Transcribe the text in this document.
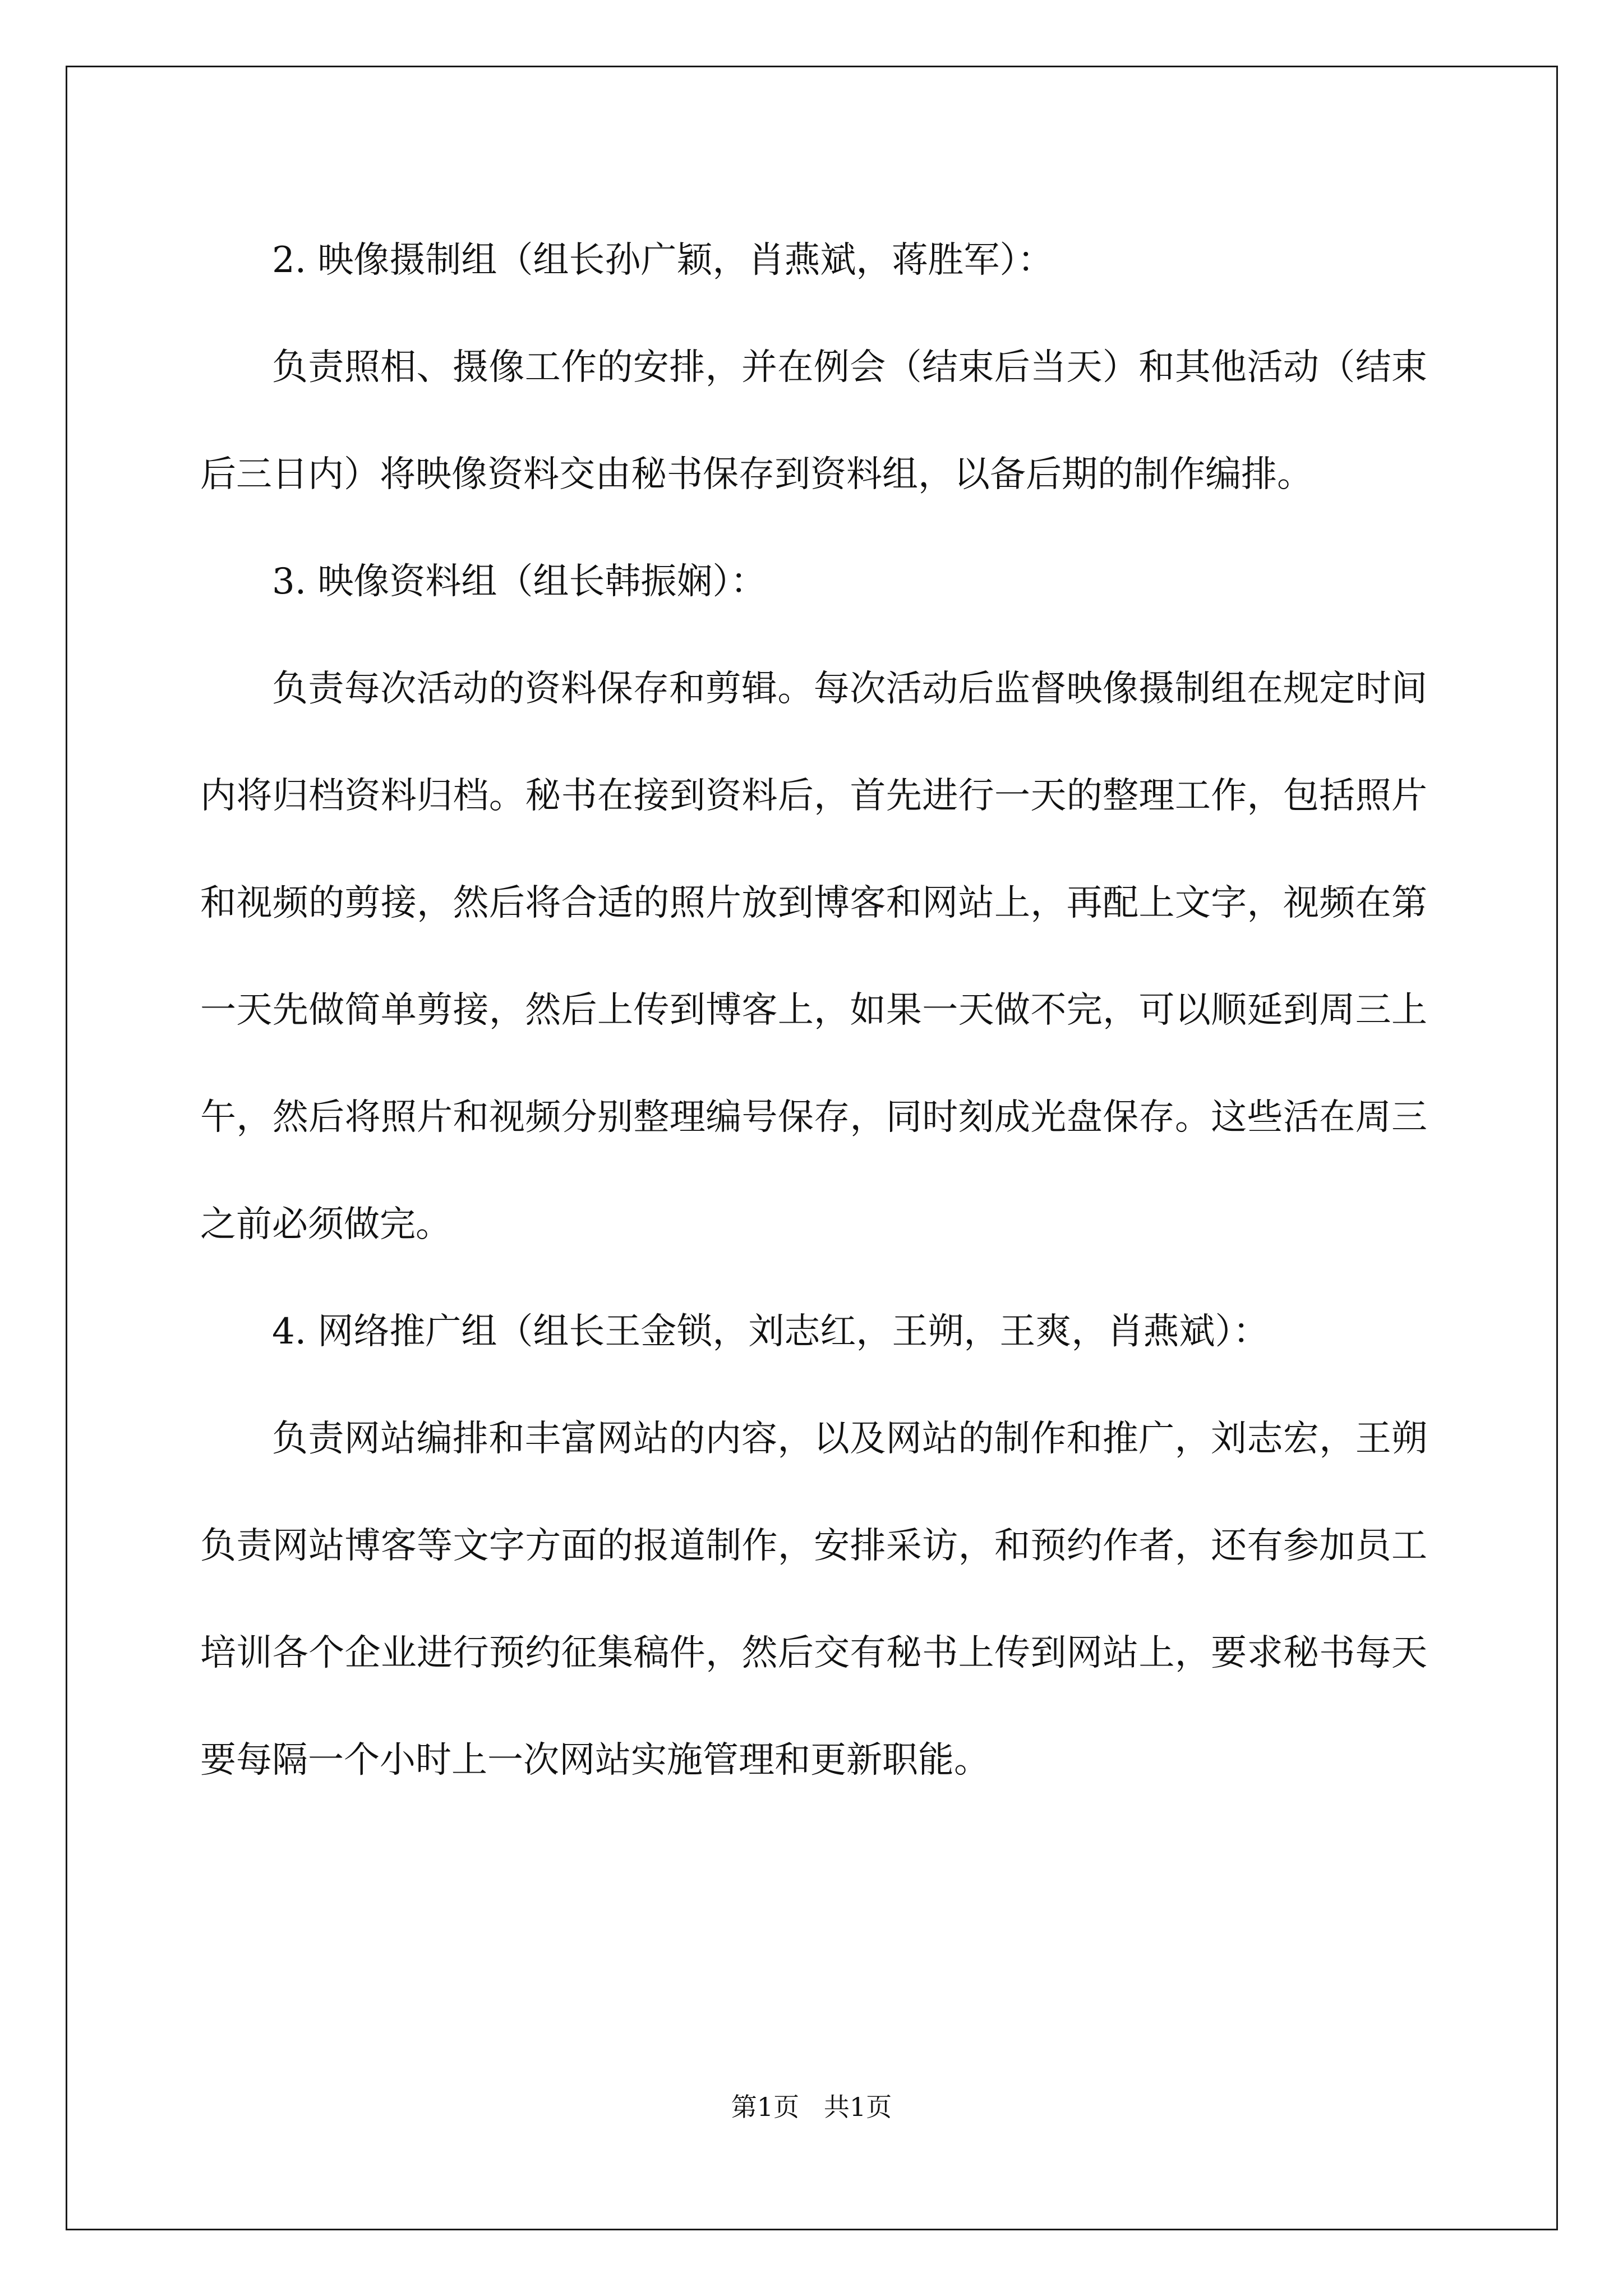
2. 映像摄制组（组长孙广颖，肖燕斌，蒋胜军）：

负责照相、摄像工作的安排，并在例会（结束后当天）和其他活动（结束后三日内）将映像资料交由秘书保存到资料组，以备后期的制作编排。

3. 映像资料组（组长韩振娴）：

负责每次活动的资料保存和剪辑。每次活动后监督映像摄制组在规定时间内将归档资料归档。秘书在接到资料后，首先进行一天的整理工作，包括照片和视频的剪接，然后将合适的照片放到博客和网站上，再配上文字，视频在第一天先做简单剪接，然后上传到博客上，如果一天做不完，可以顺延到周三上午，然后将照片和视频分别整理编号保存，同时刻成光盘保存。这些活在周三之前必须做完。

4. 网络推广组（组长王金锁，刘志红，王朔，王爽，肖燕斌）：

负责网站编排和丰富网站的内容，以及网站的制作和推广，刘志宏，王朔负责网站博客等文字方面的报道制作，安排采访，和预约作者，还有参加员工培训各个企业进行预约征集稿件，然后交有秘书上传到网站上，要求秘书每天要每隔一个小时上一次网站实施管理和更新职能。

第1页   共1页
